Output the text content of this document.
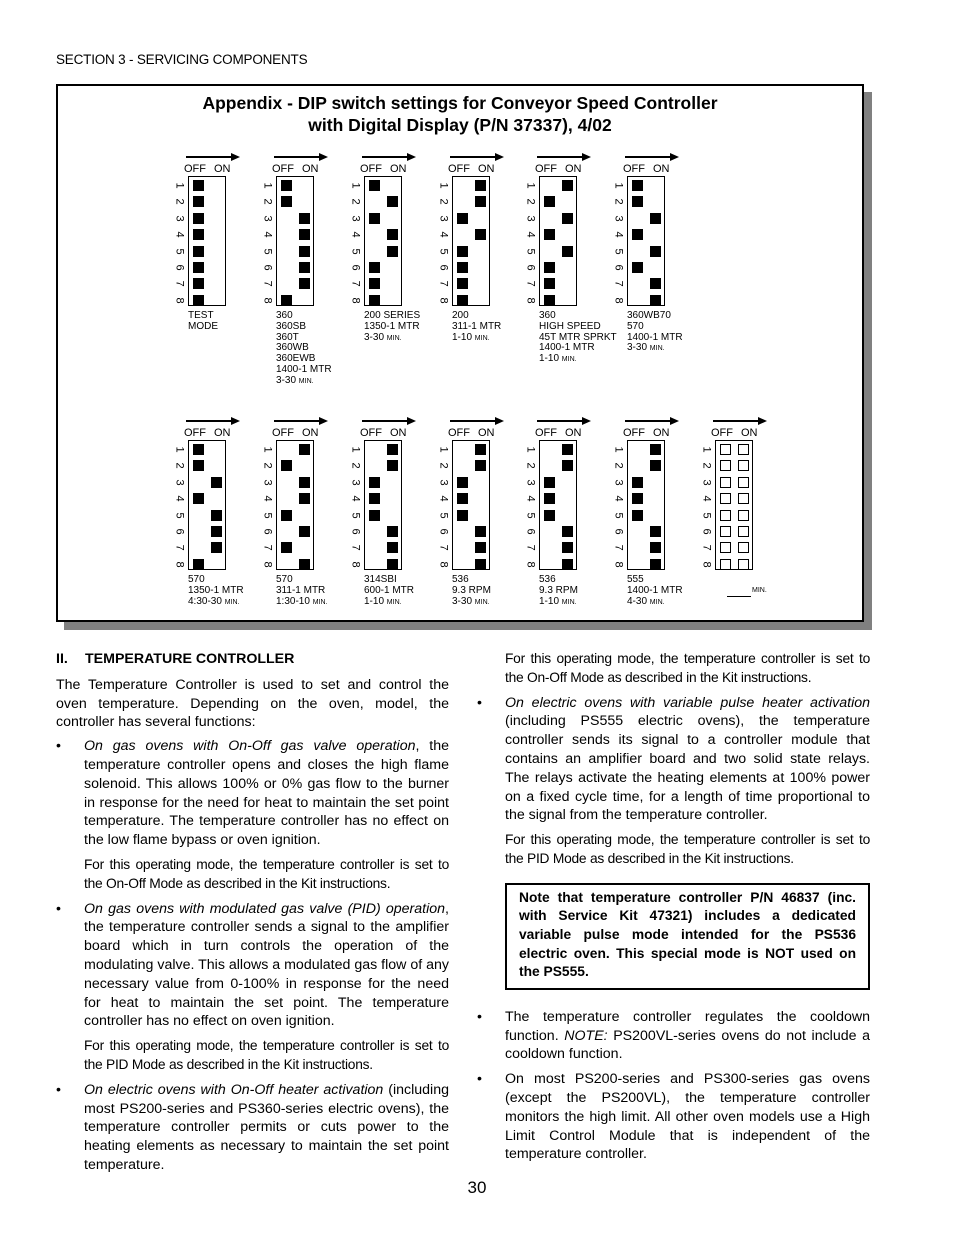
SECTION 3 - SERVICING COMPONENTS
Appendix - DIP switch settings for Conveyor Speed Controller
with Digital Display (P/N 37337), 4/02
OFF ON
1
2
3
4
5
6
7
8
TEST
MODE
OFF ON
1
2
3
4
5
6
7
8
360
360SB
360T
360WB
360EWB
1400-1 MTR
3-30 MIN.
OFF ON
1
2
3
4
5
6
7
8
200 SERIES
1350-1 MTR
3-30 MIN.
OFF ON
1
2
3
4
5
6
7
8
200
311-1 MTR
1-10 MIN.
OFF ON
1
2
3
4
5
6
7
8
360
HIGH SPEED
45T MTR SPRKT
1400-1 MTR
1-10 MIN.
OFF ON
1
2
3
4
5
6
7
8
360WB70
570
1400-1 MTR
3-30 MIN.
OFF ON
1
2
3
4
5
6
7
8
570
1350-1 MTR
4:30-30 MIN.
OFF ON
1
2
3
4
5
6
7
8
570
311-1 MTR
1:30-10 MIN.
OFF ON
1
2
3
4
5
6
7
8
314SBI
600-1 MTR
1-10 MIN.
OFF ON
1
2
3
4
5
6
7
8
536
9.3 RPM
3-30 MIN.
OFF ON
1
2
3
4
5
6
7
8
536
9.3 RPM
1-10 MIN.
OFF ON
1
2
3
4
5
6
7
8
555
1400-1 MTR
4-30 MIN.
OFF ON
1
2
3
4
5
6
7
8
MIN.
II. TEMPERATURE CONTROLLER

The Temperature Controller is used to set and control the oven temperature. Depending on the oven, model, the controller has several functions:

• On gas ovens with On-Off gas valve operation, the temperature controller opens and closes the high flame solenoid. This allows 100% or 0% gas flow to the burner in response for the need for heat to maintain the set point temperature. The temperature controller has no effect on the low flame bypass or oven ignition.
For this operating mode, the temperature controller is set to the On-Off Mode as described in the Kit instructions.
• On gas ovens with modulated gas valve (PID) operation, the temperature controller sends a signal to the amplifier board which in turn controls the operation of the modulating valve. This allows a modulated gas flow of any necessary value from 0-100% in response for the need for heat to maintain the set point. The temperature controller has no effect on oven ignition.
For this operating mode, the temperature controller is set to the PID Mode as described in the Kit instructions.
• On electric ovens with On-Off heater activation (including most PS200-series and PS360-series electric ovens), the temperature controller permits or cuts power to the heating elements as necessary to maintain the set point temperature.
For this operating mode, the temperature controller is set to the On-Off Mode as described in the Kit instructions.
• On electric ovens with variable pulse heater activation (including PS555 electric ovens), the temperature controller sends its signal to a controller module that contains an amplifier board and two solid state relays. The relays activate the heating elements at 100% power on a fixed cycle time, for a length of time proportional to the signal from the temperature controller.
For this operating mode, the temperature controller is set to the PID Mode as described in the Kit instructions.
Note that temperature controller P/N 46837 (inc. with Service Kit 47321) includes a dedicated variable pulse mode intended for the PS536 electric oven. This special mode is NOT used on the PS555.
• The temperature controller regulates the cooldown function. NOTE: PS200VL-series ovens do not include a cooldown function.
• On most PS200-series and PS300-series gas ovens (except the PS200VL), the temperature controller monitors the high limit. All other oven models use a High Limit Control Module that is independent of the temperature controller.
30
